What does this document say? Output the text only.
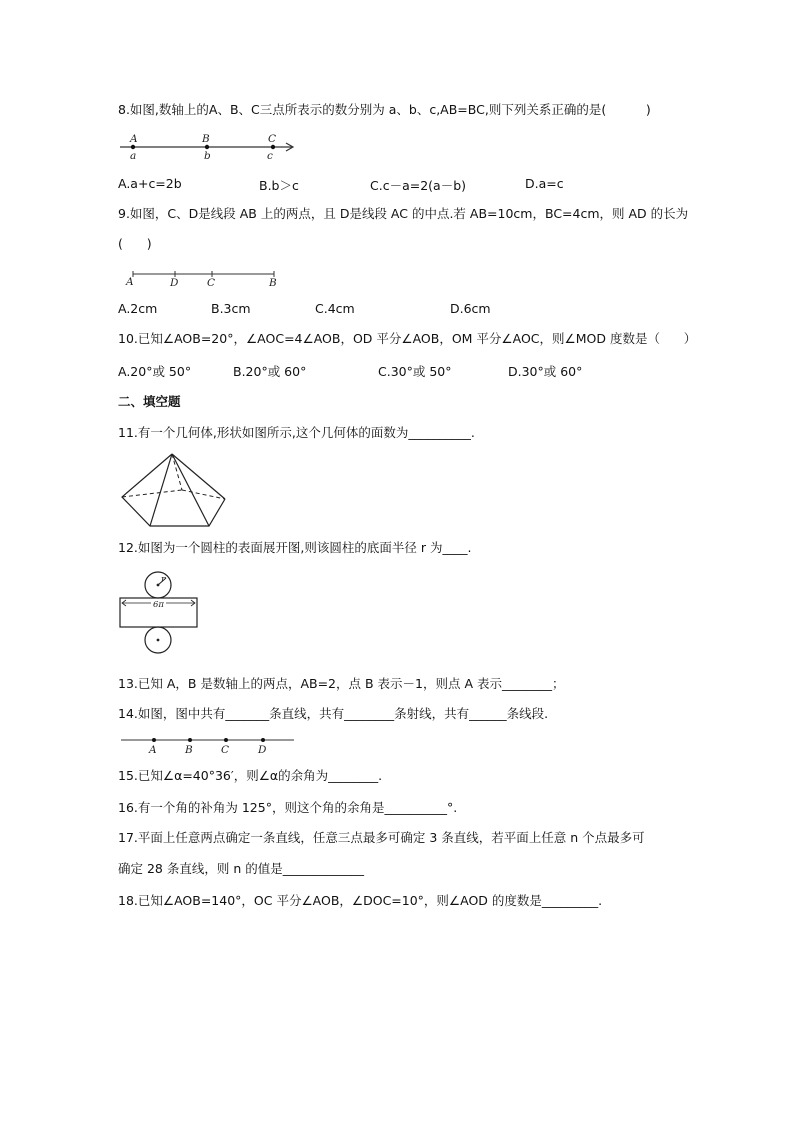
8.如图,数轴上的A、B、C三点所表示的数分别为 a、b、c,AB=BC,则下列关系正确的是(          )
A	B	C
a	b	c
A.a+c=2b	B.b＞c	C.c－a=2(a－b)	D.a=c
9.如图，C、D是线段 AB 上的两点，且 D是线段 AC 的中点.若 AB=10cm，BC=4cm，则 AD 的长为
(      )
A	D	C	B
A.2cm	B.3cm	C.4cm	D.6cm
10.已知∠AOB=20°，∠AOC=4∠AOB，OD 平分∠AOB，OM 平分∠AOC，则∠MOD 度数是（      ）
A.20°或 50°	B.20°或 60°	C.30°或 50°	D.30°或 60°
二、填空题
11.有一个几何体,形状如图所示,这个几何体的面数为__________.
12.如图为一个圆柱的表面展开图,则该圆柱的底面半径 r 为____.
r
6π
13.已知 A，B 是数轴上的两点，AB=2，点 B 表示－1，则点 A 表示________；
14.如图，图中共有_______条直线，共有________条射线，共有______条线段.
A	B	C	D
15.已知∠α=40°36′，则∠α的余角为________.
16.有一个角的补角为 125°，则这个角的余角是__________°.
17.平面上任意两点确定一条直线，任意三点最多可确定 3 条直线，若平面上任意 n 个点最多可
确定 28 条直线，则 n 的值是_____________
18.已知∠AOB=140°，OC 平分∠AOB，∠DOC=10°，则∠AOD 的度数是_________.
